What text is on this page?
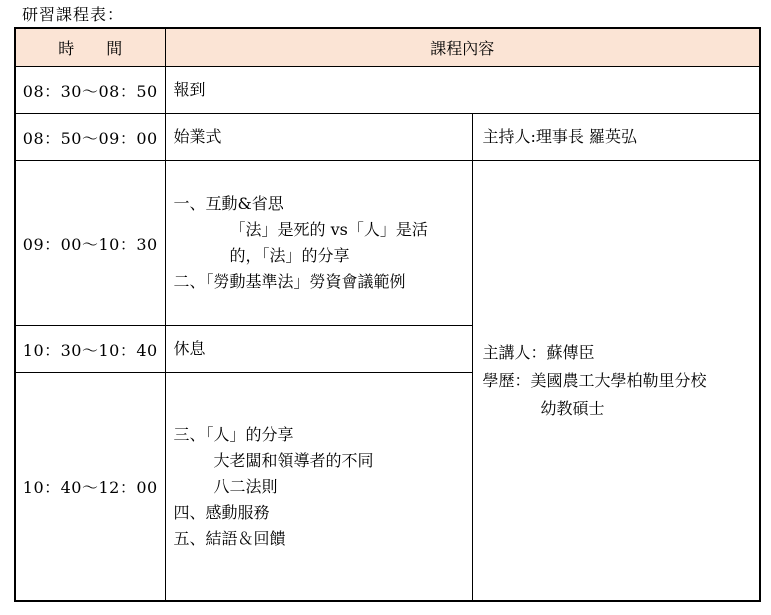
研習課程表：
時　　間	課程內容	
08：30～08：50	報到	
08：50～09：00	始業式	主持人:理事長 羅英弘
09：00～10：30	一、互動&省思
「法」是死的 vs「人」是活
的，「法」的分享
二、「勞動基準法」勞資會議範例	主講人：蘇傳臣
學歷：美國農工大學柏勒里分校
幼教碩士

10：30～10：40	休息	
10：40～12：00	三、「人」的分享
大老闆和領導者的不同
八二法則
四、感動服務
五、結語＆回饋	
